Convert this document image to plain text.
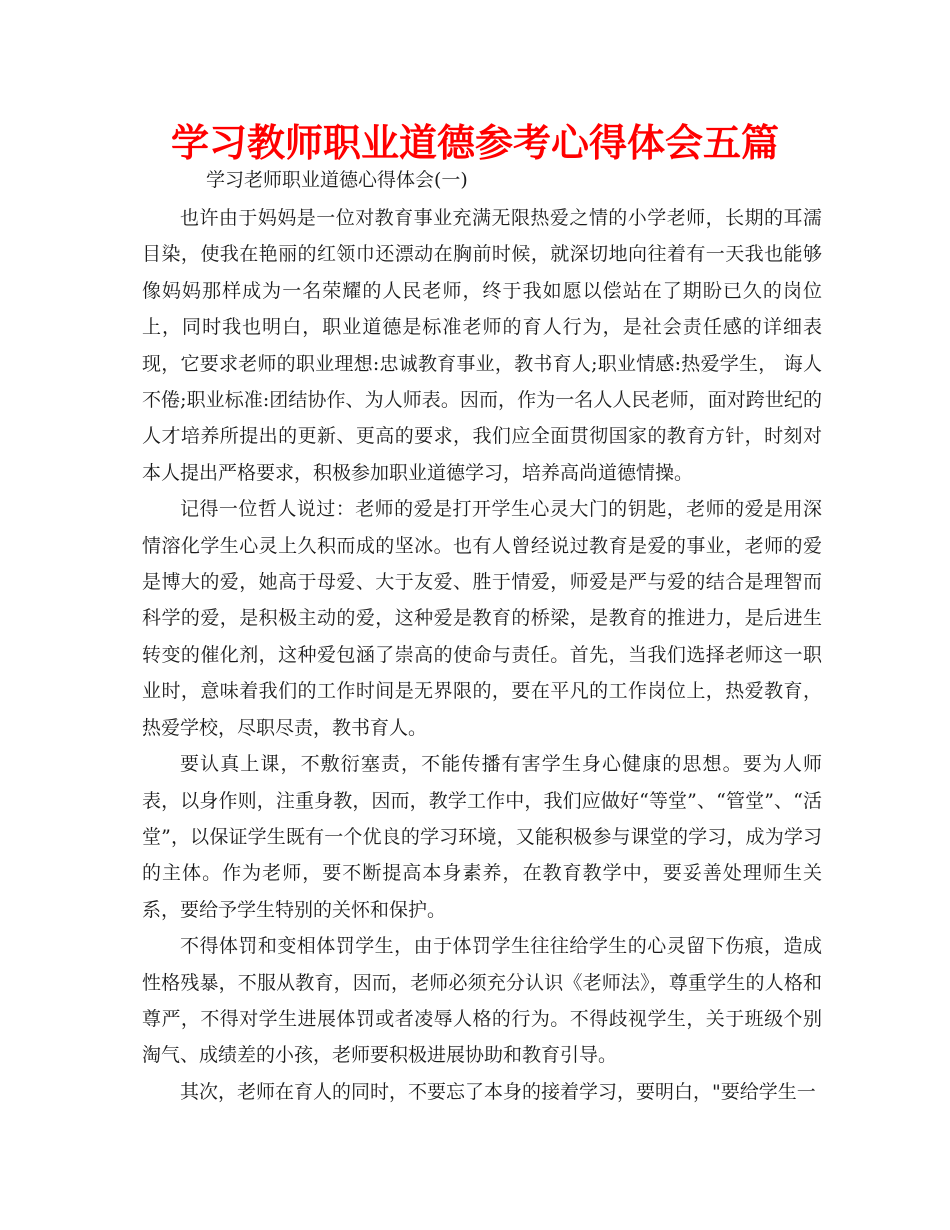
学习教师职业道德参考心得体会五篇
学习老师职业道德心得体会(一)

也许由于妈妈是一位对教育事业充满无限热爱之情的小学老师，长期的耳濡目染，使我在艳丽的红领巾还漂动在胸前时候，就深切地向往着有一天我也能够像妈妈那样成为一名荣耀的人民老师，终于我如愿以偿站在了期盼已久的岗位上，同时我也明白，职业道德是标准老师的育人行为，是社会责任感的详细表现，它要求老师的职业理想:忠诚教育事业，教书育人;职业情感:热爱学生， 诲人不倦;职业标准:团结协作、为人师表。因而，作为一名人人民老师，面对跨世纪的人才培养所提出的更新、更高的要求，我们应全面贯彻国家的教育方针，时刻对本人提出严格要求，积极参加职业道德学习，培养高尚道德情操。

记得一位哲人说过：老师的爱是打开学生心灵大门的钥匙，老师的爱是用深情溶化学生心灵上久积而成的坚冰。也有人曾经说过教育是爱的事业，老师的爱是博大的爱，她高于母爱、大于友爱、胜于情爱，师爱是严与爱的结合是理智而科学的爱，是积极主动的爱，这种爱是教育的桥梁，是教育的推进力，是后进生转变的催化剂，这种爱包涵了崇高的使命与责任。首先，当我们选择老师这一职业时，意味着我们的工作时间是无界限的，要在平凡的工作岗位上，热爱教育，热爱学校，尽职尽责，教书育人。

要认真上课，不敷衍塞责，不能传播有害学生身心健康的思想。要为人师表，以身作则，注重身教，因而，教学工作中，我们应做好“等堂”、“管堂”、“活堂”，以保证学生既有一个优良的学习环境，又能积极参与课堂的学习，成为学习的主体。作为老师，要不断提高本身素养，在教育教学中，要妥善处理师生关系，要给予学生特别的关怀和保护。

不得体罚和变相体罚学生，由于体罚学生往往给学生的心灵留下伤痕，造成性格残暴，不服从教育，因而，老师必须充分认识《老师法》，尊重学生的人格和尊严，不得对学生进展体罚或者凌辱人格的行为。不得歧视学生，关于班级个别淘气、成绩差的小孩，老师要积极进展协助和教育引导。

其次，老师在育人的同时，不要忘了本身的接着学习，要明白，"要给学生一
